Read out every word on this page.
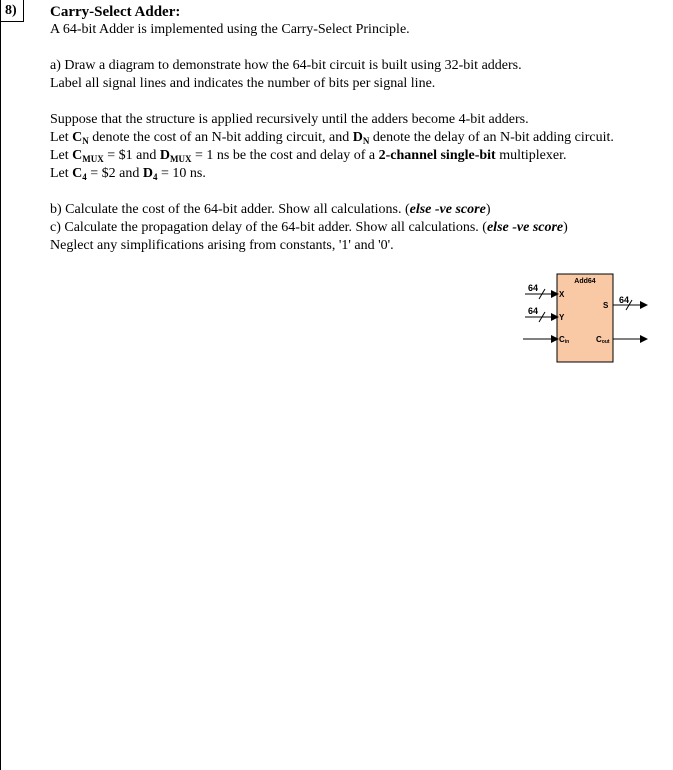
8) Carry-Select Adder:

A 64-bit Adder is implemented using the Carry-Select Principle.

a) Draw a diagram to demonstrate how the 64-bit circuit is built using 32-bit adders.

Label all signal lines and indicates the number of bits per signal line.

Suppose that the structure is applied recursively until the adders become 4-bit adders.

Let $C_N$ denote the cost of an N-bit adding circuit, and $D_N$ denote the delay of an N-bit adding circuit.

Let $C_{MUX}$ = $1 and $D_{MUX} = 1$ ns be the cost and delay of a 2-channel single-bit multiplexer.

Let $C_4$ = $2 and $D_4 = 10$ ns.

b) Calculate the cost of the 64-bit adder. Show all calculations. (else -ve score)

c) Calculate the propagation delay of the 64-bit adder. Show all calculations. (else -ve score)

Neglect any simplifications arising from constants, '1' and '0'.

Add64
64
X
64
Y
Cin
64
S
Cout
